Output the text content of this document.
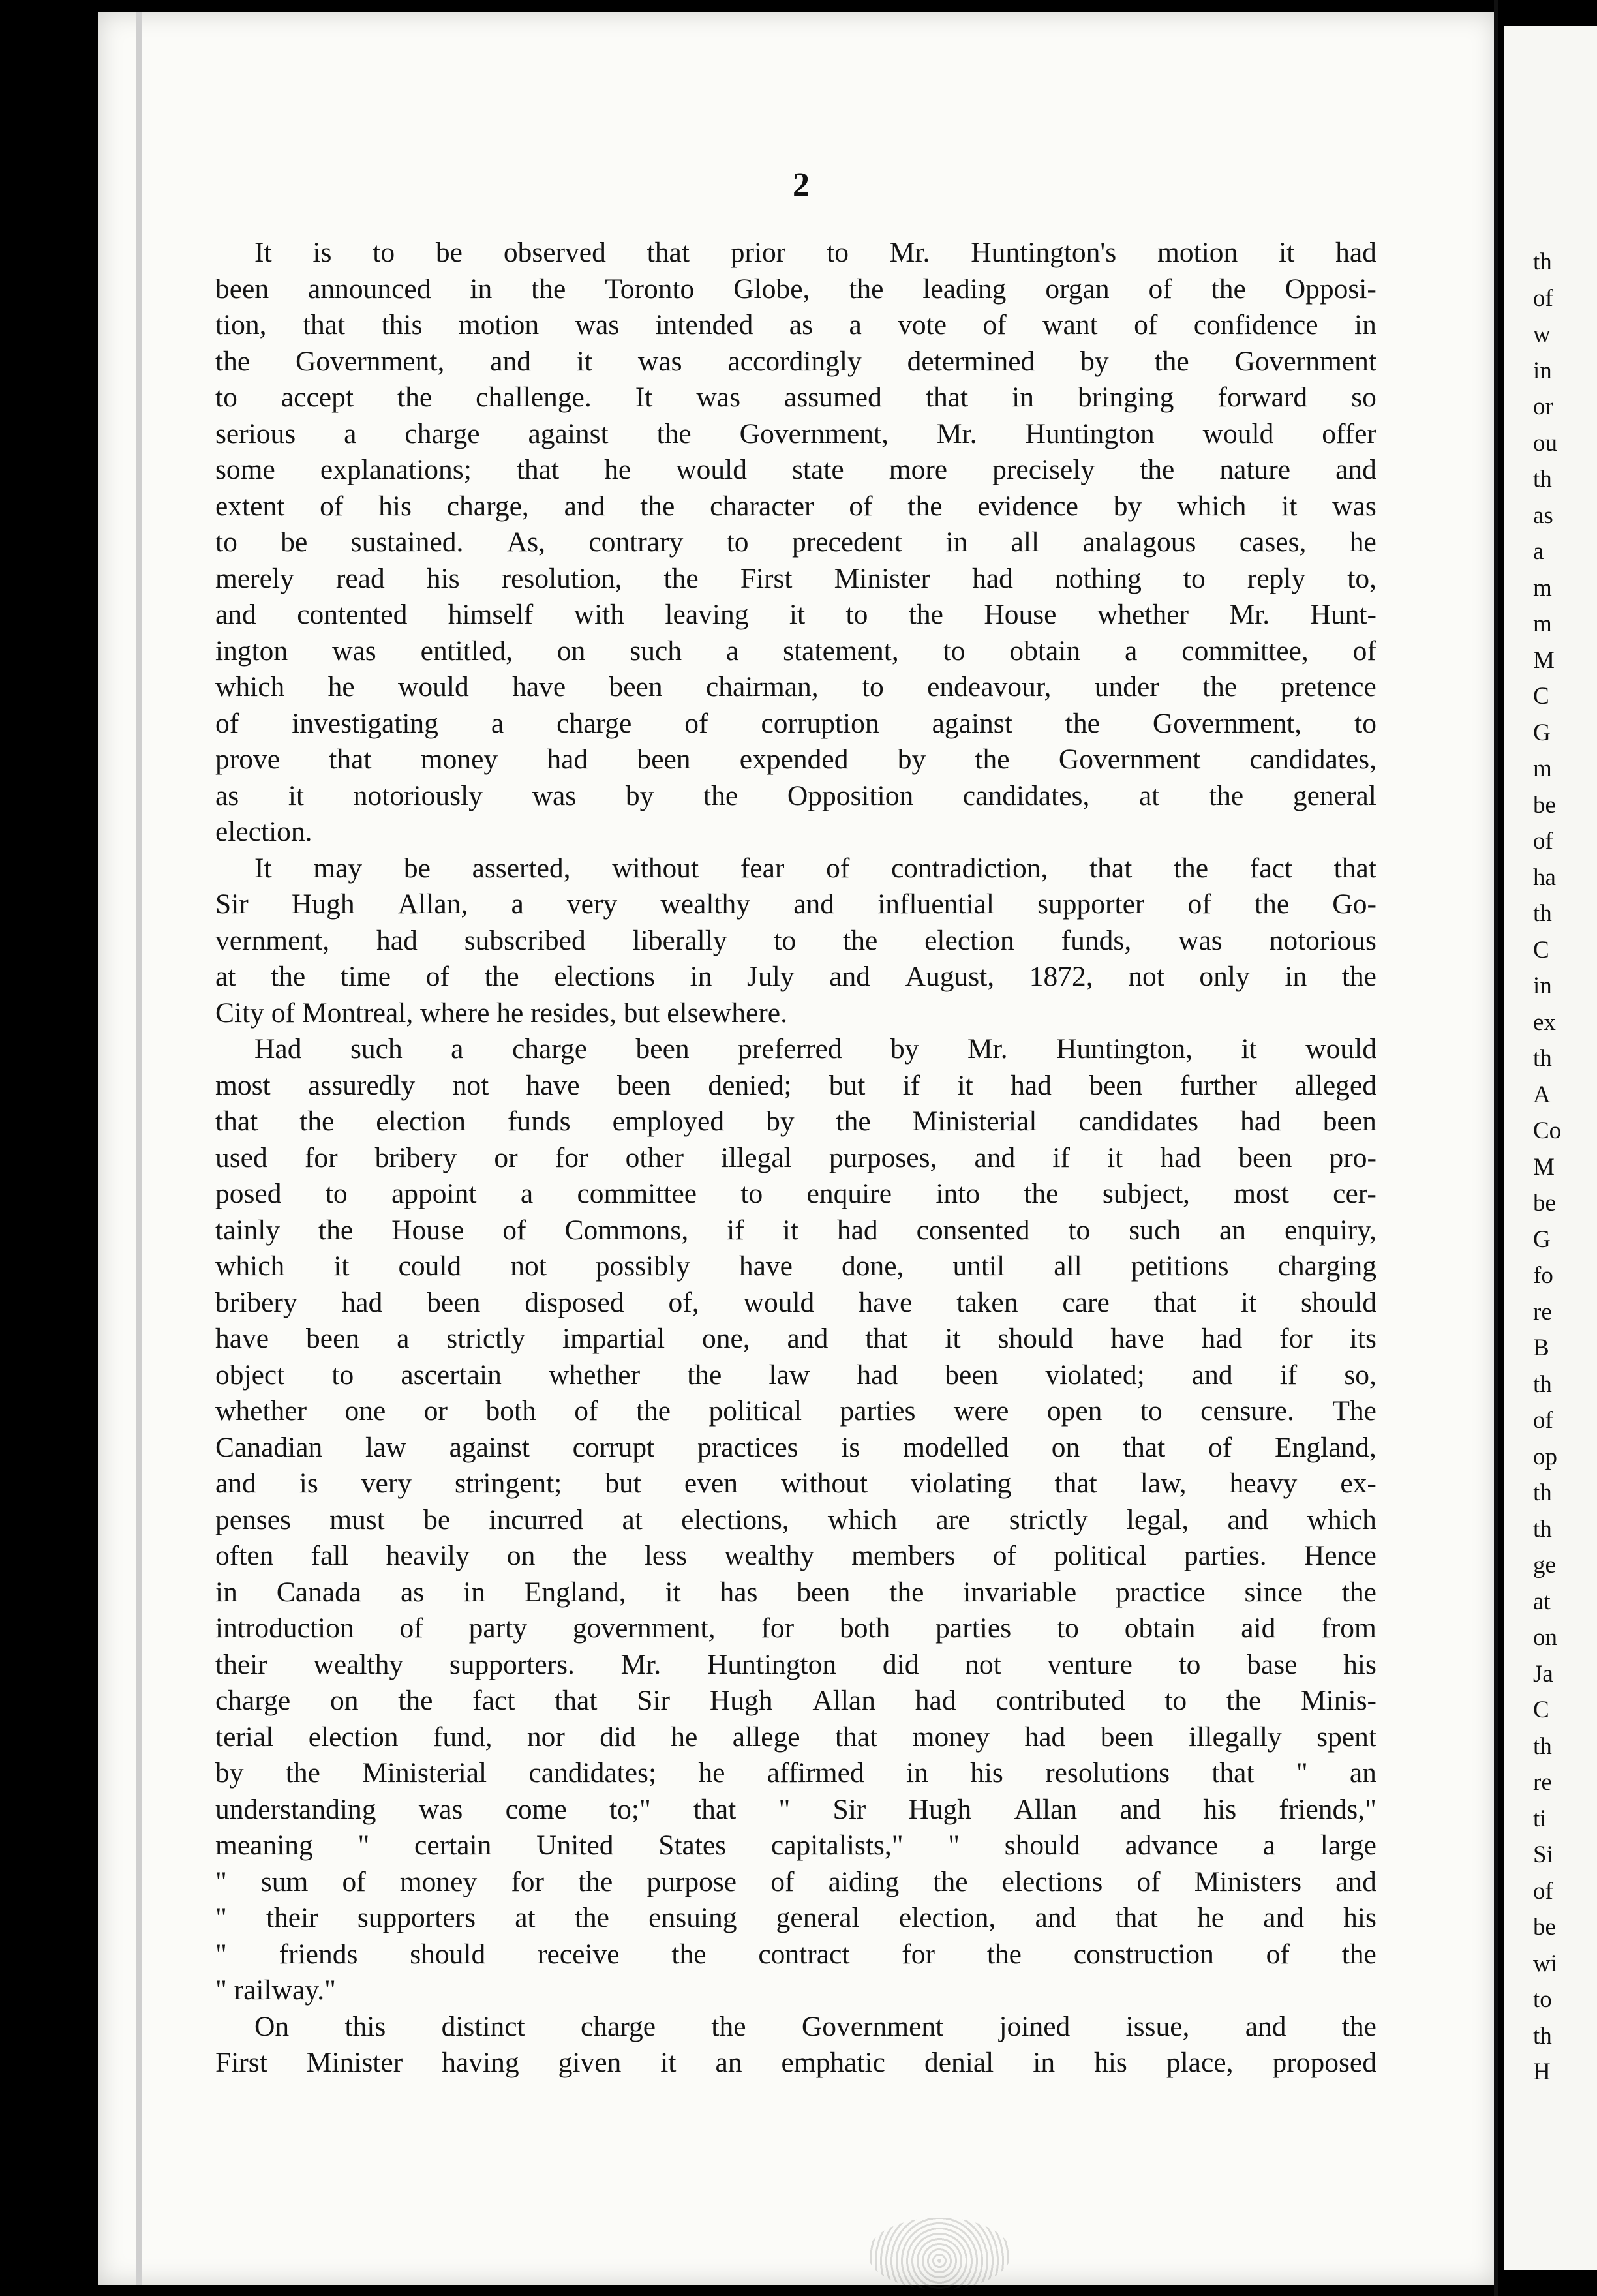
th
of
w
in
or
ou
th
as
a
m
m
M
C
G
m
be
of
ha
th
C
in
ex
th
A
Co
M
be
G
fo
re
B
th
of
op
th
th
ge
at
on
Ja
C
th
re
ti
Si
of
be
wi
to
th
H
2
It is to be observed that prior to Mr. Huntington's motion it had
been announced in the Toronto Globe, the leading organ of the Opposi-
tion, that this motion was intended as a vote of want of confidence in
the Government, and it was accordingly determined by the Government
to accept the challenge. It was assumed that in bringing forward so
serious a charge against the Government, Mr. Huntington would offer
some explanations; that he would state more precisely the nature and
extent of his charge, and the character of the evidence by which it was
to be sustained. As, contrary to precedent in all analagous cases, he
merely read his resolution, the First Minister had nothing to reply to,
and contented himself with leaving it to the House whether Mr. Hunt-
ington was entitled, on such a statement, to obtain a committee, of
which he would have been chairman, to endeavour, under the pretence
of investigating a charge of corruption against the Government, to
prove that money had been expended by the Government candidates,
as it notoriously was by the Opposition candidates, at the general
election.
It may be asserted, without fear of contradiction, that the fact that
Sir Hugh Allan, a very wealthy and influential supporter of the Go-
vernment, had subscribed liberally to the election funds, was notorious
at the time of the elections in July and August, 1872, not only in the
City of Montreal, where he resides, but elsewhere.
Had such a charge been preferred by Mr. Huntington, it would
most assuredly not have been denied; but if it had been further alleged
that the election funds employed by the Ministerial candidates had been
used for bribery or for other illegal purposes, and if it had been pro-
posed to appoint a committee to enquire into the subject, most cer-
tainly the House of Commons, if it had consented to such an enquiry,
which it could not possibly have done, until all petitions charging
bribery had been disposed of, would have taken care that it should
have been a strictly impartial one, and that it should have had for its
object to ascertain whether the law had been violated; and if so,
whether one or both of the political parties were open to censure. The
Canadian law against corrupt practices is modelled on that of England,
and is very stringent; but even without violating that law, heavy ex-
penses must be incurred at elections, which are strictly legal, and which
often fall heavily on the less wealthy members of political parties. Hence
in Canada as in England, it has been the invariable practice since the
introduction of party government, for both parties to obtain aid from
their wealthy supporters. Mr. Huntington did not venture to base his
charge on the fact that Sir Hugh Allan had contributed to the Minis-
terial election fund, nor did he allege that money had been illegally spent
by the Ministerial candidates; he affirmed in his resolutions that " an
understanding was come to;" that " Sir Hugh Allan and his friends,"
meaning " certain United States capitalists," " should advance a large
" sum of money for the purpose of aiding the elections of Ministers and
" their supporters at the ensuing general election, and that he and his
" friends should receive the contract for the construction of the
" railway."
On this distinct charge the Government joined issue, and the
First Minister having given it an emphatic denial in his place, proposed
